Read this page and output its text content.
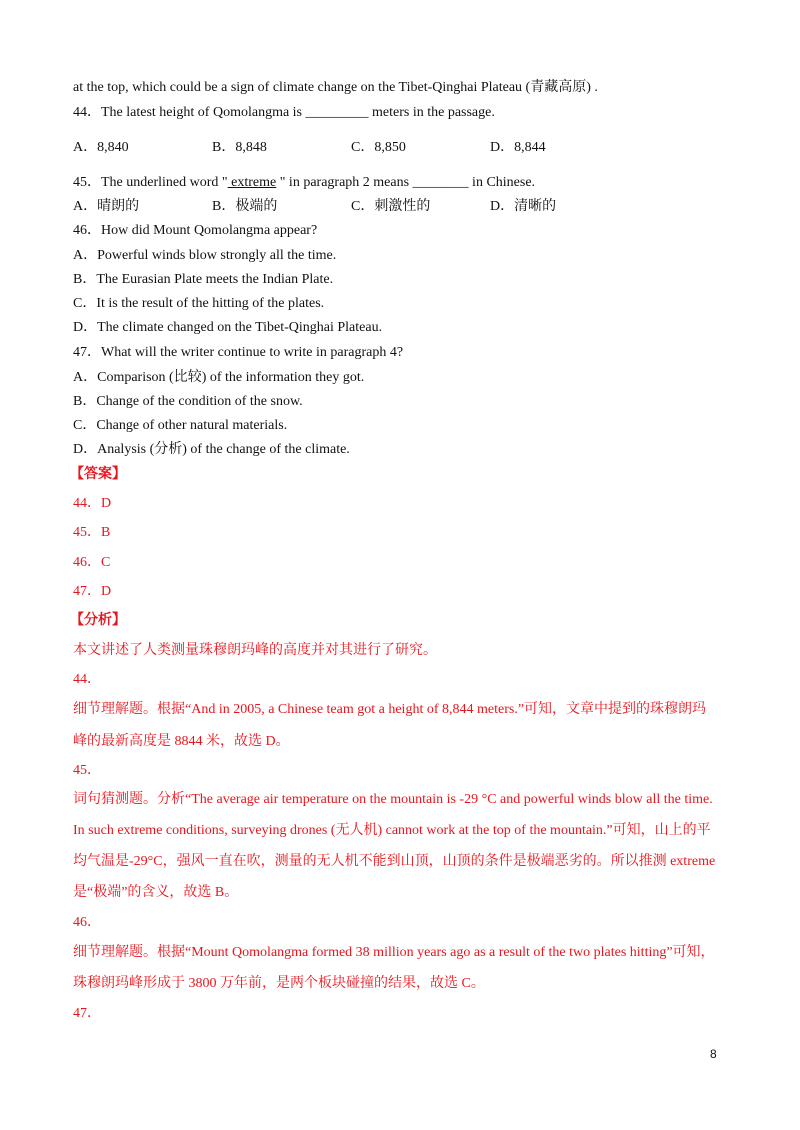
at the top, which could be a sign of climate change on the Tibet-Qinghai Plateau (青藏高原) .
44．The latest height of Qomolangma is _________ meters in the passage.
A．8,840	B．8,848	C．8,850	D．8,844
45．The underlined word " extreme " in paragraph 2 means ________ in Chinese.
A．晴朗的	B．极端的	C．刺激性的	D．清晰的
46．How did Mount Qomolangma appear?
A．Powerful winds blow strongly all the time.
B．The Eurasian Plate meets the Indian Plate.
C．It is the result of the hitting of the plates.
D．The climate changed on the Tibet-Qinghai Plateau.
47．What will the writer continue to write in paragraph 4?
A．Comparison (比较) of the information they got.
B．Change of the condition of the snow.
C．Change of other natural materials.
D．Analysis (分析) of the change of the climate.
【答案】
44．D
45．B
46．C
47．D
【分析】
本文讲述了人类测量珠穆朗玛峰的高度并对其进行了研究。
44．
细节理解题。根据“And in 2005, a Chinese team got a height of 8,844 meters.”可知，文章中提到的珠穆朗玛
峰的最新高度是 8844 米，故选 D。
45．
词句猜测题。分析“The average air temperature on the mountain is -29 °C and powerful winds blow all the time.
In such extreme conditions, surveying drones (无人机) cannot work at the top of the mountain.”可知，山上的平
均气温是-29°C，强风一直在吹，测量的无人机不能到山顶，山顶的条件是极端恶劣的。所以推测 extreme
是“极端”的含义，故选 B。
46．
细节理解题。根据“Mount Qomolangma formed 38 million years ago as a result of the two plates hitting”可知，
珠穆朗玛峰形成于 3800 万年前，是两个板块碰撞的结果，故选 C。
47．
8
